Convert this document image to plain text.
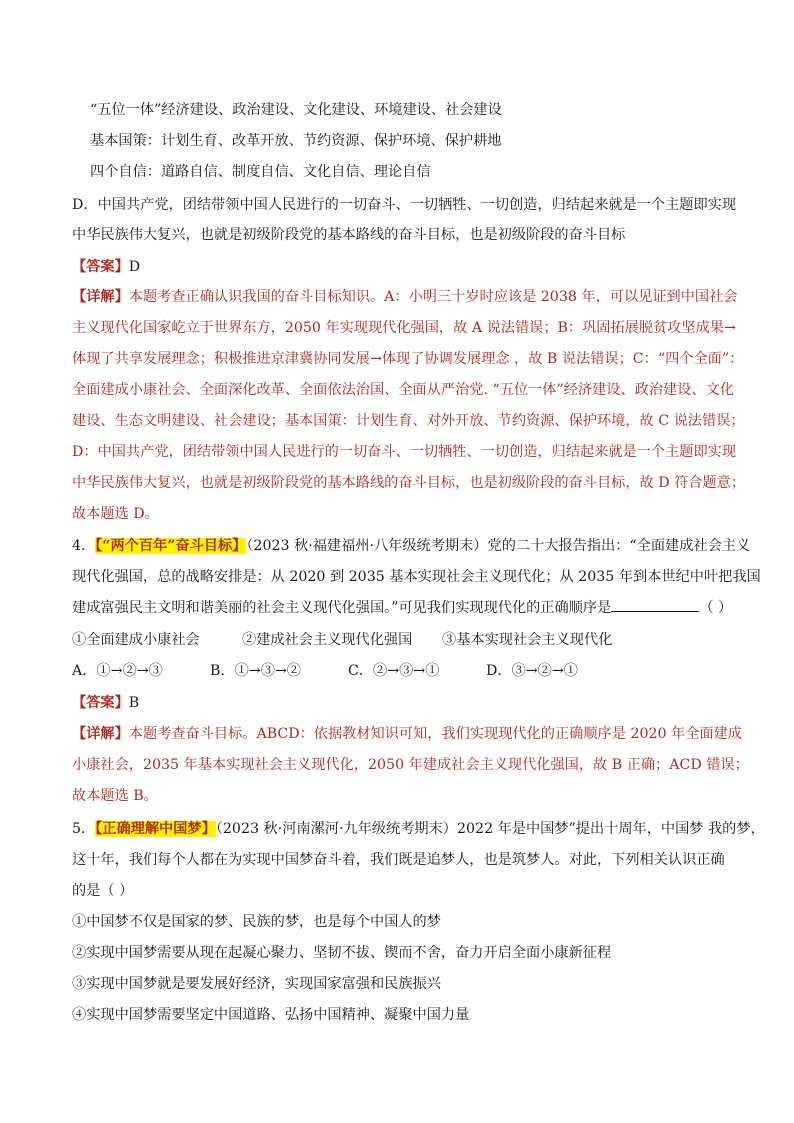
“五位一体”经济建设、政治建设、文化建设、环境建设、社会建设
基本国策：计划生育、改革开放、节约资源、保护环境、保护耕地
四个自信：道路自信、制度自信、文化自信、理论自信
D．中国共产党，团结带领中国人民进行的一切奋斗、一切牺牲、一切创造，归结起来就是一个主题即实现
中华民族伟大复兴，也就是初级阶段党的基本路线的奋斗目标，也是初级阶段的奋斗目标
【答案】D
【详解】本题考查正确认识我国的奋斗目标知识。A：小明三十岁时应该是 2038 年，可以见证到中国社会
主义现代化国家屹立于世界东方，2050 年实现现代化强国，故 A 说法错误；B：巩固拓展脱贫攻坚成果→
体现了共享发展理念；积极推进京津冀协同发展→体现了协调发展理念 ，故 B 说法错误；C：“四个全面”：
全面建成小康社会、全面深化改革、全面依法治国、全面从严治党. “五位一体”经济建设、政治建设、文化
建设、生态文明建设、社会建设；基本国策：计划生育、对外开放、节约资源、保护环境，故 C 说法错误；
D：中国共产党，团结带领中国人民进行的一切奋斗、一切牺牲、一切创造，归结起来就是一个主题即实现
中华民族伟大复兴，也就是初级阶段党的基本路线的奋斗目标，也是初级阶段的奋斗目标，故 D 符合题意；
故本题选 D。
4．【“两个百年”奋斗目标】（2023 秋·福建福州·八年级统考期末）党的二十大报告指出：“全面建成社会主义
现代化强国，总的战略安排是：从 2020 到 2035 基本实现社会主义现代化；从 2035 年到本世纪中叶把我国
建成富强民主文明和谐美丽的社会主义现代化强国。”可见我们实现现代化的正确顺序是	（ ）
①全面建成小康社会	②建成社会主义现代化强国 ③基本实现社会主义现代化
A．①→②→③	B．①→③→②	C．②→③→①	D．③→②→①
【答案】B
【详解】本题考查奋斗目标。ABCD：依据教材知识可知，我们实现现代化的正确顺序是 2020 年全面建成
小康社会，2035 年基本实现社会主义现代化，2050 年建成社会主义现代化强国，故 B 正确；ACD 错误；
故本题选 B。
5．【正确理解中国梦】（2023 秋·河南漯河·九年级统考期末）2022 年是中国梦”提出十周年，中国梦 我的梦，
这十年，我们每个人都在为实现中国梦奋斗着，我们既是追梦人，也是筑梦人。对此，下列相关认识正确
的是（ ）
①中国梦不仅是国家的梦、民族的梦，也是每个中国人的梦
②实现中国梦需要从现在起凝心聚力、坚韧不拔、锲而不舍，奋力开启全面小康新征程
③实现中国梦就是要发展好经济，实现国家富强和民族振兴
④实现中国梦需要坚定中国道路、弘扬中国精神、凝聚中国力量
